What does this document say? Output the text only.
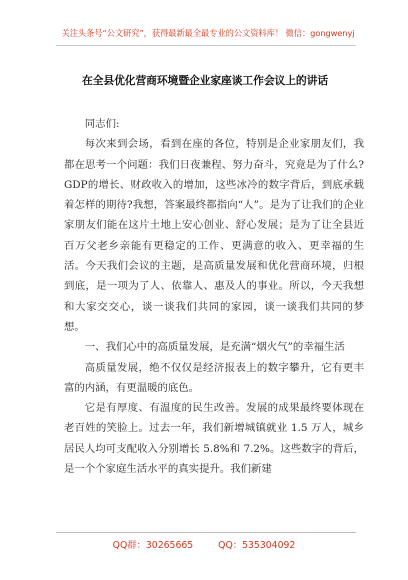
关注头条号“公文研究”，获得最新最全最专业的公文资料库！ 微信：gongwenyj
在全县优化营商环境暨企业家座谈工作会议上的讲话

同志们:

每次来到会场，看到在座的各位，特别是企业家朋友们，我都在思考一个问题：我们日夜兼程、努力奋斗，究竟是为了什么?GDP的增长、财政收入的增加，这些冰冷的数字背后，到底承载着怎样的期待?我想，答案最终都指向“人”。是为了让我们的企业家朋友们能在这片土地上安心创业、舒心发展；是为了让全县近百万父老乡亲能有更稳定的工作、更满意的收入、更幸福的生活。今天我们会议的主题，是高质量发展和优化营商环境，归根到底，是一项为了人、依靠人、惠及人的事业。所以，今天我想和大家交交心，谈一谈我们共同的家园，谈一谈我们共同的梦想。

一、我们心中的高质量发展，是充满“烟火气”的幸福生活

高质量发展，绝不仅仅是经济报表上的数字攀升，它有更丰富的内涵，有更温暖的底色。

它是有厚度、有温度的民生改善。发展的成果最终要体现在老百姓的笑脸上。过去一年，我们新增城镇就业 1.5 万人，城乡居民人均可支配收入分别增长 5.8%和 7.2%。这些数字的背后，是一个个家庭生活水平的真实提升。我们新建

QQ群：30265665	QQ：535304092
